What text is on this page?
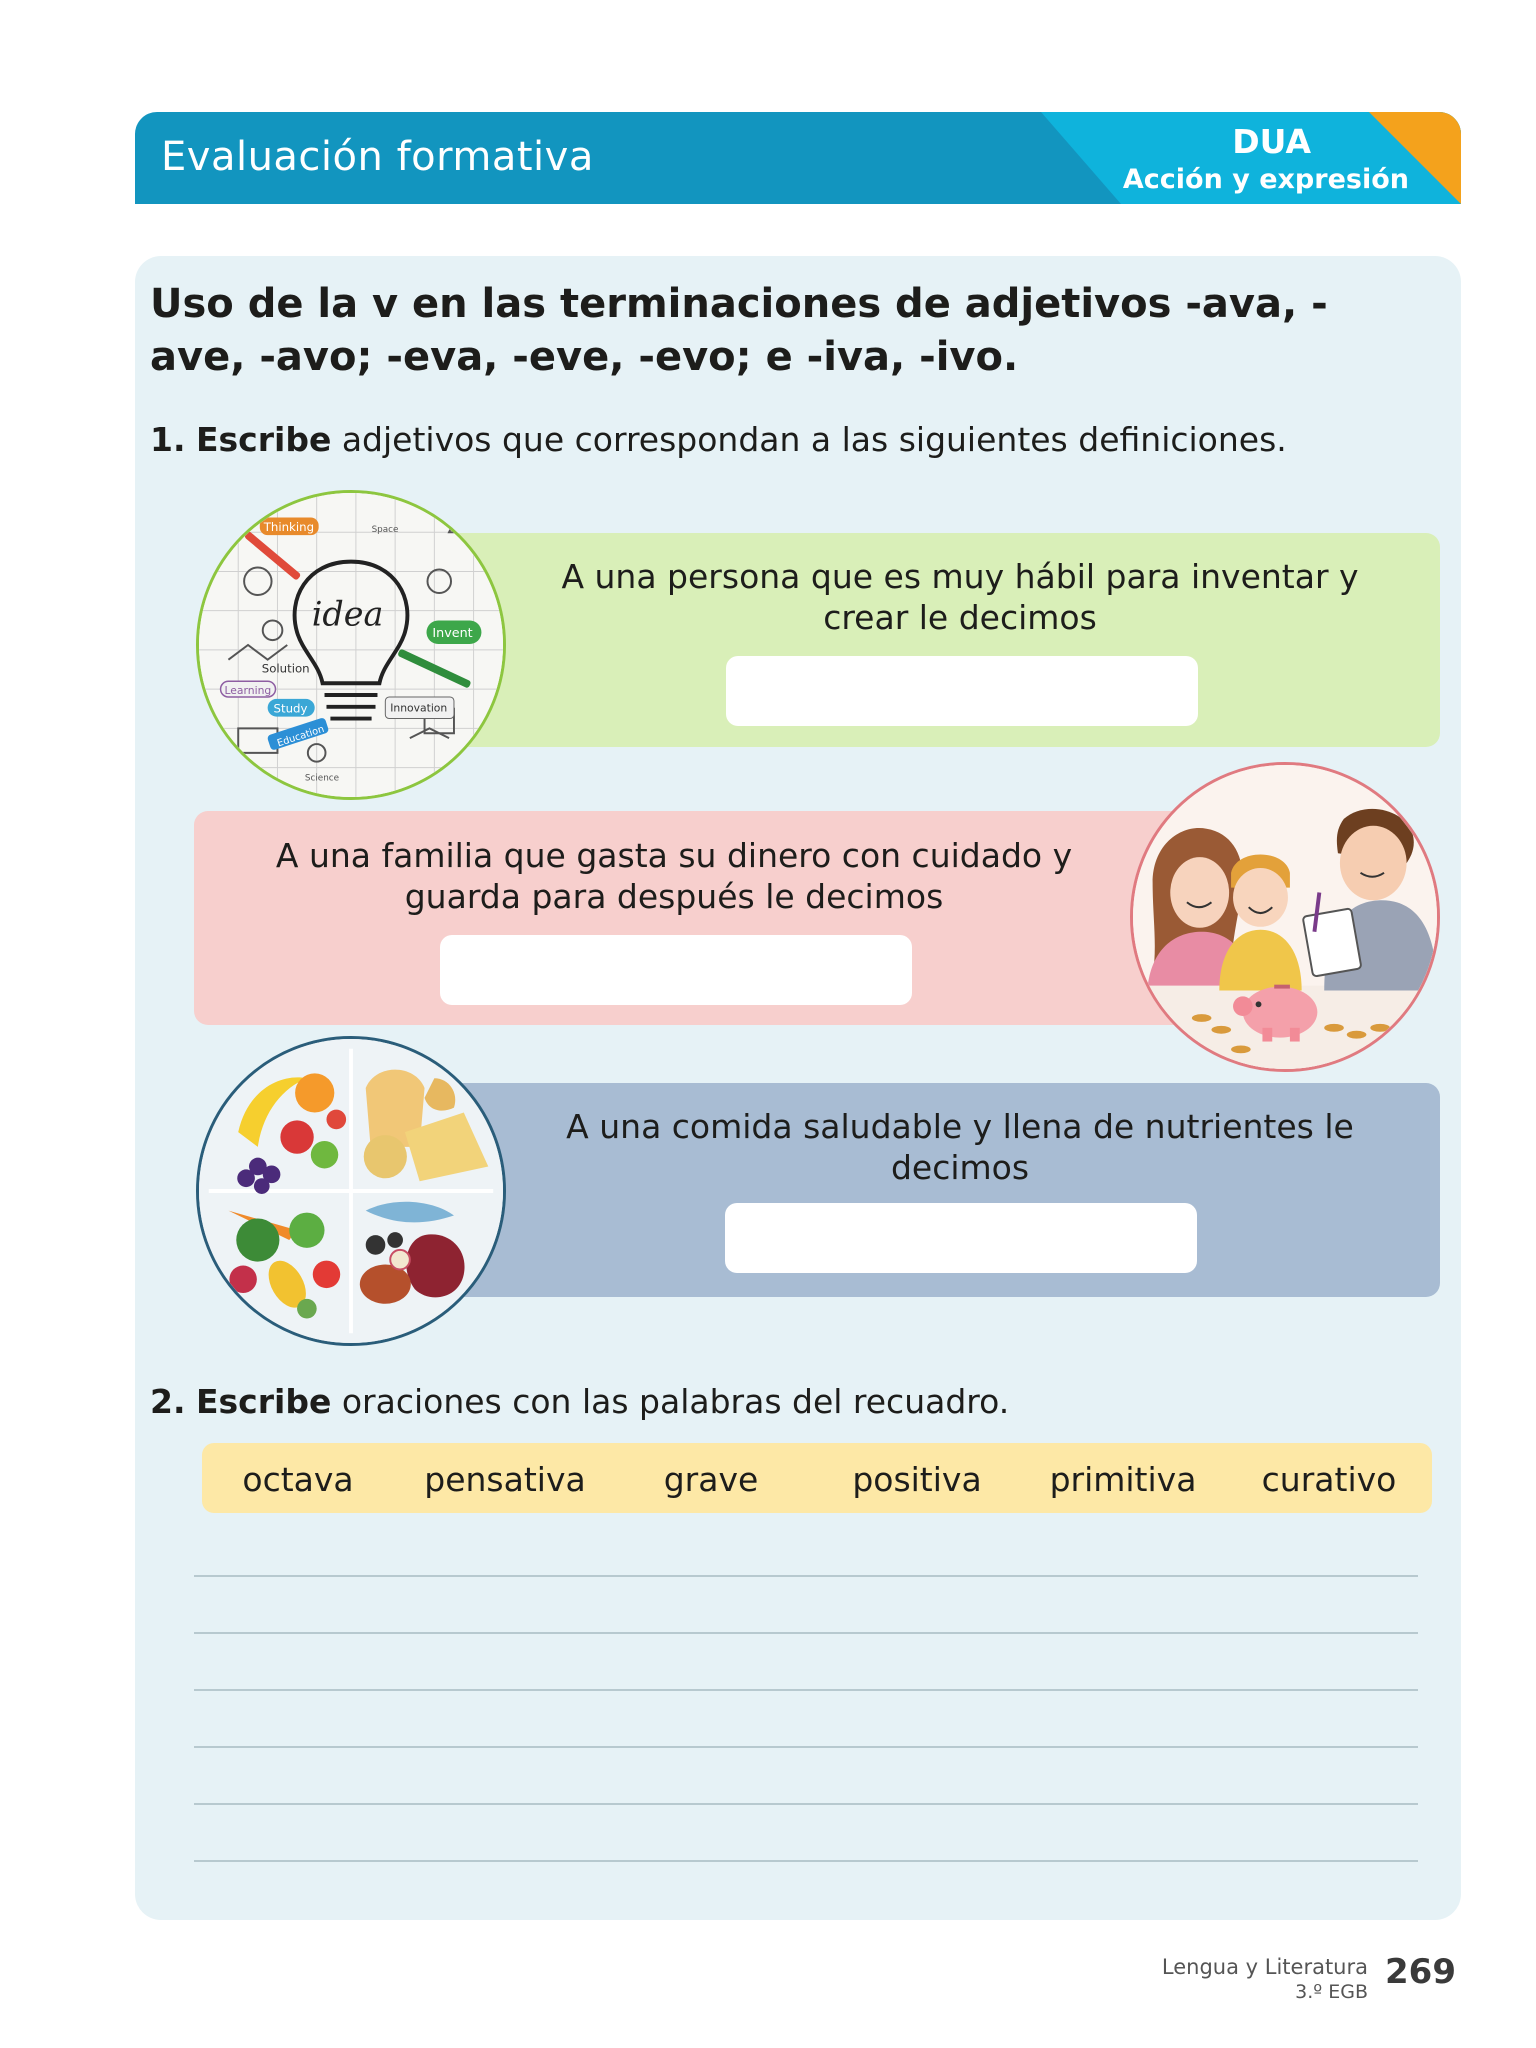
Evaluación formativa	DUA
Acción y expresión
Uso de la v en las terminaciones de adjetivos -ava, -ave, -avo; -eva, -eve, -evo; e -iva, -ivo.

1. Escribe adjetivos que correspondan a las siguientes definiciones.

A una persona que es muy hábil para inventar y crear le decimos
A una familia que gasta su dinero con cuidado y guarda para después le decimos
A una comida saludable y llena de nutrientes le decimos
idea
Thinking	Space
Invent
Solution
Learning
Study	Innovation
Education
Science

2. Escribe oraciones con las palabras del recuadro.

octava	pensativa	grave	positiva	primitiva	curativo
Lengua y Literatura
3.º EGB 269
